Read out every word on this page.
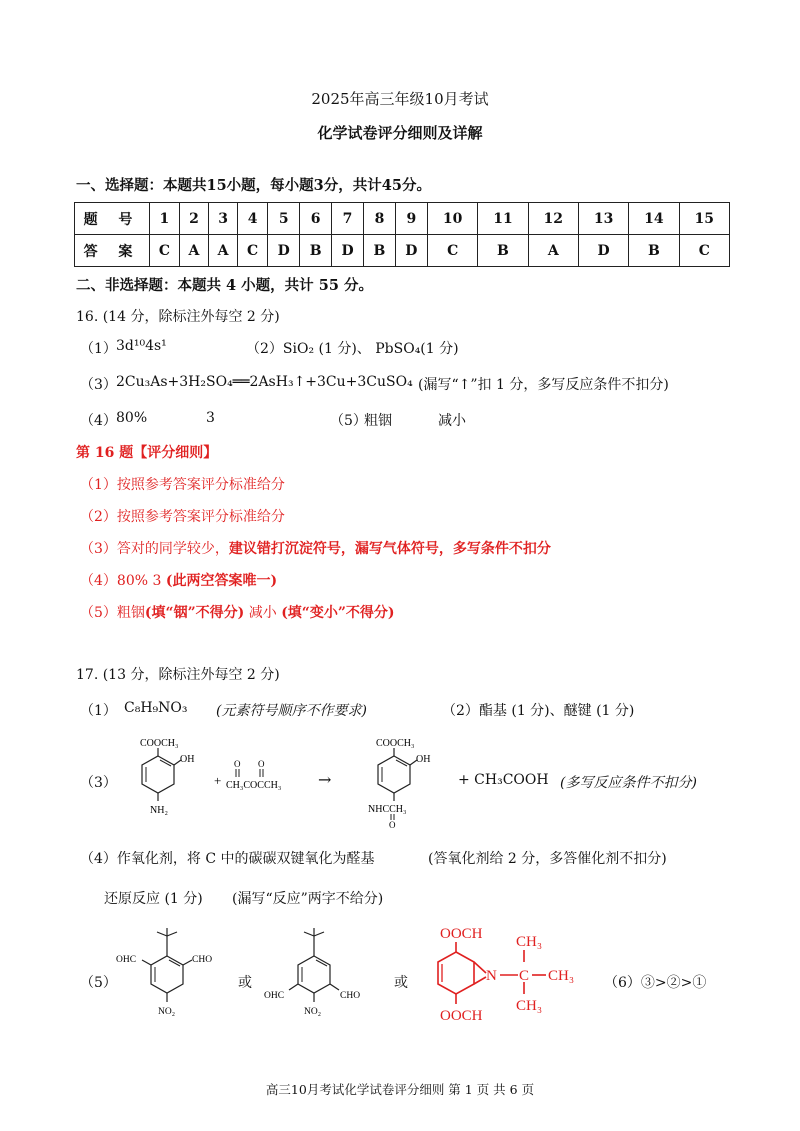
2025年高三年级10月考试
化学试卷评分细则及详解
一、选择题：本题共15小题，每小题3分，共计45分。
题 号	1	2	3	4	5	6	7	8	9	10	11	12	13	14	15
答 案	C	A	A	C	D	B	D	B	D	C	B	A	D	B	C
二、非选择题：本题共 4 小题，共计 55 分。
16. (14 分，除标注外每空 2 分)
（1） 3d¹⁰4s¹	（2）SiO₂ (1 分)、 PbSO₄(1 分)
（3） 2Cu₃As+3H₂SO₄══2AsH₃↑+3Cu+3CuSO₄ (漏写“↑”扣 1 分，多写反应条件不扣分)
（4） 80%	3	（5）
粗铟	减小
第 16 题【评分细则】
（1）按照参考答案评分标准给分
（2）按照参考答案评分标准给分
（3）答对的同学较少，建议错打沉淀符号，漏写气体符号，多写条件不扣分
（4）80% 3 (此两空答案唯一)
（5）粗铟(填“铟”不得分) 减小 (填“变小”不得分)
17. (13 分，除标注外每空 2 分)
（1） C₈H₉NO₃ (元素符号顺序不作要求)	（2）酯基 (1 分)、醚键 (1 分)
（3）
COOCH₃
OH
NH₂
+
O O
CH₃COCCH₃ →
COOCH₃
OH
NHCCH₃
O
+ CH₃COOH (多写反应条件不扣分)
（4）作氧化剂，将 C 中的碳碳双键氧化为醛基	(答氧化剂给 2 分，多答催化剂不扣分)
还原反应 (1 分) (漏写“反应”两字不给分)
（5）
OHC	CHO
NO₂
或
OHC	CHO
NO₂
或
OOCH
OOCH
N C
CH₃
CH₃
CH₃
（6）③>②>①
高三10月考试化学试卷评分细则 第 1 页 共 6 页
